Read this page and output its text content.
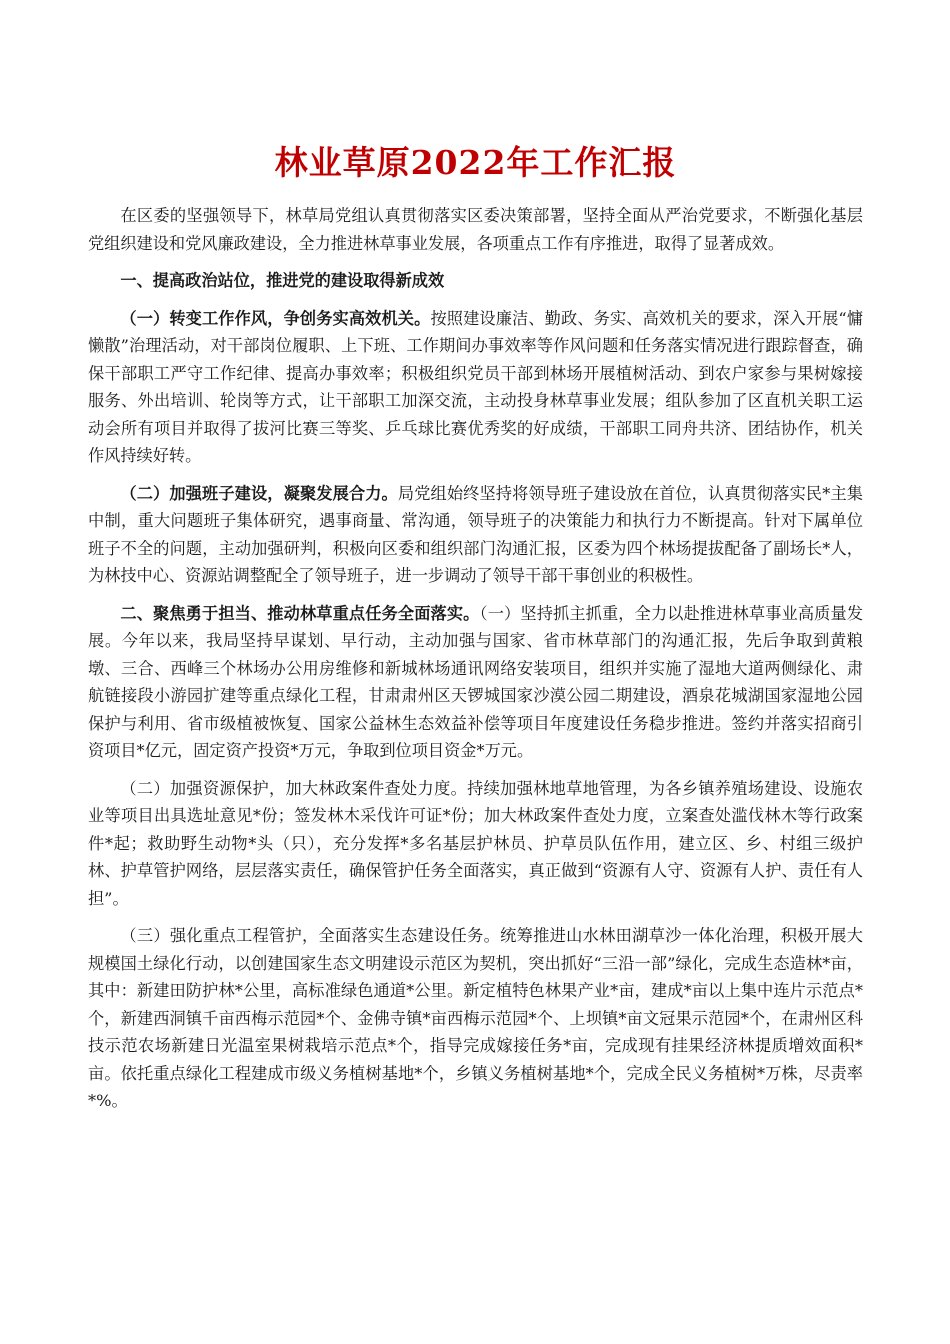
林业草原2022年工作汇报

在区委的坚强领导下，林草局党组认真贯彻落实区委决策部署，坚持全面从严治党要求，不断强化基层党组织建设和党风廉政建设，全力推进林草事业发展，各项重点工作有序推进，取得了显著成效。

一、提高政治站位，推进党的建设取得新成效

（一）转变工作作风，争创务实高效机关。按照建设廉洁、勤政、务实、高效机关的要求，深入开展“慵懒散”治理活动，对干部岗位履职、上下班、工作期间办事效率等作风问题和任务落实情况进行跟踪督查，确保干部职工严守工作纪律、提高办事效率；积极组织党员干部到林场开展植树活动、到农户家参与果树嫁接服务、外出培训、轮岗等方式，让干部职工加深交流，主动投身林草事业发展；组队参加了区直机关职工运动会所有项目并取得了拔河比赛三等奖、乒乓球比赛优秀奖的好成绩，干部职工同舟共济、团结协作，机关作风持续好转。

（二）加强班子建设，凝聚发展合力。局党组始终坚持将领导班子建设放在首位，认真贯彻落实民*主集中制，重大问题班子集体研究，遇事商量、常沟通，领导班子的决策能力和执行力不断提高。针对下属单位班子不全的问题，主动加强研判，积极向区委和组织部门沟通汇报，区委为四个林场提拔配备了副场长*人，为林技中心、资源站调整配全了领导班子，进一步调动了领导干部干事创业的积极性。

二、聚焦勇于担当、推动林草重点任务全面落实。（一）坚持抓主抓重，全力以赴推进林草事业高质量发展。今年以来，我局坚持早谋划、早行动，主动加强与国家、省市林草部门的沟通汇报，先后争取到黄粮墩、三合、西峰三个林场办公用房维修和新城林场通讯网络安装项目，组织并实施了湿地大道两侧绿化、肃航链接段小游园扩建等重点绿化工程，甘肃肃州区天锣城国家沙漠公园二期建设，酒泉花城湖国家湿地公园保护与利用、省市级植被恢复、国家公益林生态效益补偿等项目年度建设任务稳步推进。签约并落实招商引资项目*亿元，固定资产投资*万元，争取到位项目资金*万元。

（二）加强资源保护，加大林政案件查处力度。持续加强林地草地管理，为各乡镇养殖场建设、设施农业等项目出具选址意见*份；签发林木采伐许可证*份；加大林政案件查处力度，立案查处滥伐林木等行政案件*起；救助野生动物*头（只），充分发挥*多名基层护林员、护草员队伍作用，建立区、乡、村组三级护林、护草管护网络，层层落实责任，确保管护任务全面落实，真正做到“资源有人守、资源有人护、责任有人担”。

（三）强化重点工程管护，全面落实生态建设任务。统筹推进山水林田湖草沙一体化治理，积极开展大规模国土绿化行动，以创建国家生态文明建设示范区为契机，突出抓好“三沿一部”绿化，完成生态造林*亩，其中：新建田防护林*公里，高标准绿色通道*公里。新定植特色林果产业*亩，建成*亩以上集中连片示范点*个，新建西洞镇千亩西梅示范园*个、金佛寺镇*亩西梅示范园*个、上坝镇*亩文冠果示范园*个，在肃州区科技示范农场新建日光温室果树栽培示范点*个，指导完成嫁接任务*亩，完成现有挂果经济林提质增效面积*亩。依托重点绿化工程建成市级义务植树基地*个，乡镇义务植树基地*个，完成全民义务植树*万株，尽责率*%。
